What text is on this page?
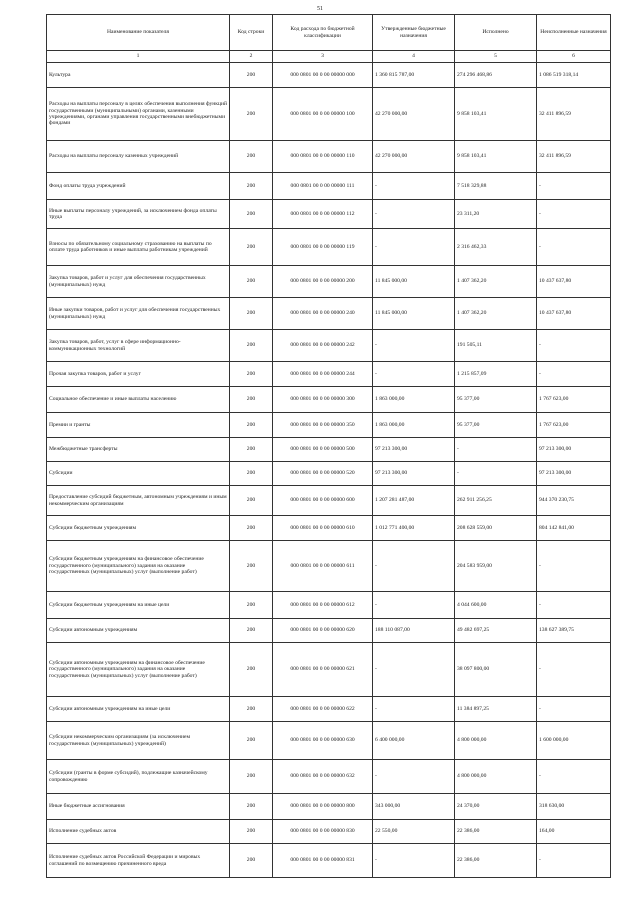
51
Наименование показателя	Код строки	Код расхода по бюджетной классификации	Утвержденные бюджетные назначения	Исполнено	Неисполненные назначения
1	2	3	4	5	6
Культура	200	000 0801 00 0 00 00000 000	1 360 815 787,00	274 296 468,86	1 086 519 318,14
Расходы на выплаты персоналу в целях обеспечения выполнения функций государственными (муниципальными) органами, казенными учреждениями, органами управления государственными внебюджетными фондами	200	000 0801 00 0 00 00000 100	42 270 000,00	9 858 103,41	32 411 896,59
Расходы на выплаты персоналу казенных учреждений	200	000 0801 00 0 00 00000 110	42 270 000,00	9 858 103,41	32 411 896,59
Фонд оплаты труда учреждений	200	000 0801 00 0 00 00000 111	-	7 518 329,88	-
Иные выплаты персоналу учреждений, за исключением фонда оплаты труда	200	000 0801 00 0 00 00000 112	-	23 311,20	-
Взносы по обязательному социальному страхованию на выплаты по оплате труда работников и иные выплаты работникам учреждений	200	000 0801 00 0 00 00000 119	-	2 316 462,33	-
Закупка товаров, работ и услуг для обеспечения государственных (муниципальных) нужд	200	000 0801 00 0 00 00000 200	11 845 000,00	1 407 362,20	10 437 637,80
Иные закупки товаров, работ и услуг для обеспечения государственных (муниципальных) нужд	200	000 0801 00 0 00 00000 240	11 845 000,00	1 407 362,20	10 437 637,80
Закупка товаров, работ, услуг в сфере информационно-коммуникационных технологий	200	000 0801 00 0 00 00000 242	-	191 505,11	-
Прочая закупка товаров, работ и услуг	200	000 0801 00 0 00 00000 244	-	1 215 857,09	-
Социальное обеспечение и иные выплаты населению	200	000 0801 00 0 00 00000 300	1 863 000,00	95 377,00	1 767 623,00
Премии и гранты	200	000 0801 00 0 00 00000 350	1 863 000,00	95 377,00	1 767 623,00
Межбюджетные трансферты	200	000 0801 00 0 00 00000 500	97 213 300,00	-	97 213 300,00
Субсидии	200	000 0801 00 0 00 00000 520	97 213 300,00	-	97 213 300,00
Предоставление субсидий бюджетным, автономным учреждениям и иным некоммерческим организациям	200	000 0801 00 0 00 00000 600	1 207 281 487,00	262 911 256,25	944 370 230,75
Субсидии бюджетным учреждениям	200	000 0801 00 0 00 00000 610	1 012 771 400,00	208 628 559,00	804 142 841,00
Субсидии бюджетным учреждениям на финансовое обеспечение государственного (муниципального) задания на оказание государственных (муниципальных) услуг (выполнение работ)	200	000 0801 00 0 00 00000 611	-	204 583 959,00	-
Субсидии бюджетным учреждениям на иные цели	200	000 0801 00 0 00 00000 612	-	4 044 600,00	-
Субсидии автономным учреждениям	200	000 0801 00 0 00 00000 620	188 110 087,00	49 482 697,25	138 627 389,75
Субсидии автономным учреждениям на финансовое обеспечение государственного (муниципального) задания на оказание государственных (муниципальных) услуг (выполнение работ)	200	000 0801 00 0 00 00000 621	-	38 097 800,00	-
Субсидии автономным учреждениям на иные цели	200	000 0801 00 0 00 00000 622	-	11 384 897,25	-
Субсидии некоммерческим организациям (за исключением государственных (муниципальных) учреждений)	200	000 0801 00 0 00 00000 630	6 400 000,00	4 800 000,00	1 600 000,00
Субсидии (гранты в форме субсидий), подлежащие казначейскому сопровождению	200	000 0801 00 0 00 00000 632	-	4 800 000,00	-
Иные бюджетные ассигнования	200	000 0801 00 0 00 00000 800	343 000,00	24 370,00	318 630,00
Исполнение судебных актов	200	000 0801 00 0 00 00000 830	22 550,00	22 386,00	164,00
Исполнение судебных актов Российской Федерации и мировых соглашений по возмещению причиненного вреда	200	000 0801 00 0 00 00000 831	-	22 386,00	-
